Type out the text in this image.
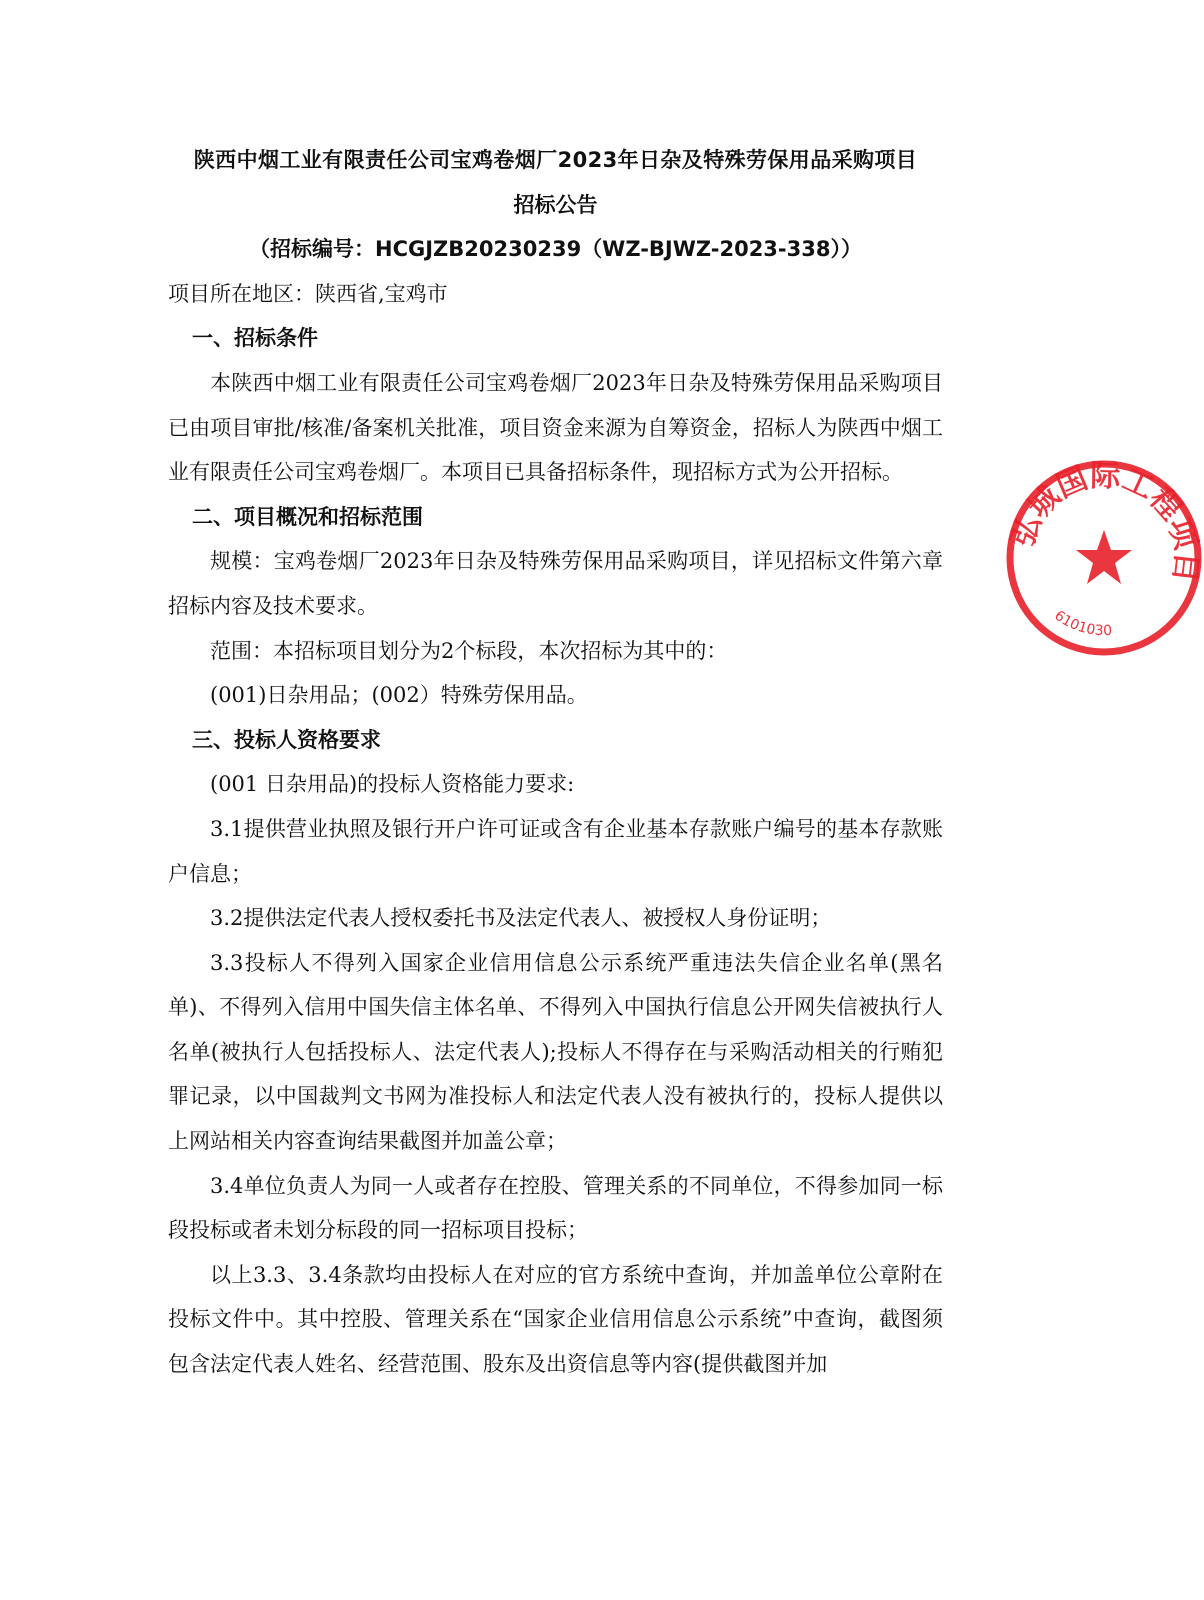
陕西中烟工业有限责任公司宝鸡卷烟厂2023年日杂及特殊劳保用品采购项目

招标公告

（招标编号：HCGJZB20230239（WZ-BJWZ-2023-338））

项目所在地区：陕西省,宝鸡市

一、招标条件

本陕西中烟工业有限责任公司宝鸡卷烟厂2023年日杂及特殊劳保用品采购项目已由项目审批/核准/备案机关批准，项目资金来源为自筹资金，招标人为陕西中烟工业有限责任公司宝鸡卷烟厂。本项目已具备招标条件，现招标方式为公开招标。

二、项目概况和招标范围

规模：宝鸡卷烟厂2023年日杂及特殊劳保用品采购项目，详见招标文件第六章招标内容及技术要求。

范围：本招标项目划分为2个标段，本次招标为其中的：

(001)日杂用品；(002）特殊劳保用品。

三、投标人资格要求

(001 日杂用品)的投标人资格能力要求:

3.1提供营业执照及银行开户许可证或含有企业基本存款账户编号的基本存款账户信息；

3.2提供法定代表人授权委托书及法定代表人、被授权人身份证明；

3.3投标人不得列入国家企业信用信息公示系统严重违法失信企业名单(黑名单)、不得列入信用中国失信主体名单、不得列入中国执行信息公开网失信被执行人名单(被执行人包括投标人、法定代表人);投标人不得存在与采购活动相关的行贿犯罪记录，以中国裁判文书网为准投标人和法定代表人没有被执行的，投标人提供以上网站相关内容查询结果截图并加盖公章；

3.4单位负责人为同一人或者存在控股、管理关系的不同单位，不得参加同一标段投标或者未划分标段的同一招标项目投标；

以上3.3、3.4条款均由投标人在对应的官方系统中查询，并加盖单位公章附在投标文件中。其中控股、管理关系在“国家企业信用信息公示系统”中查询，截图须包含法定代表人姓名、经营范围、股东及出资信息等内容(提供截图并加

弘城国际工程项目
6101030
